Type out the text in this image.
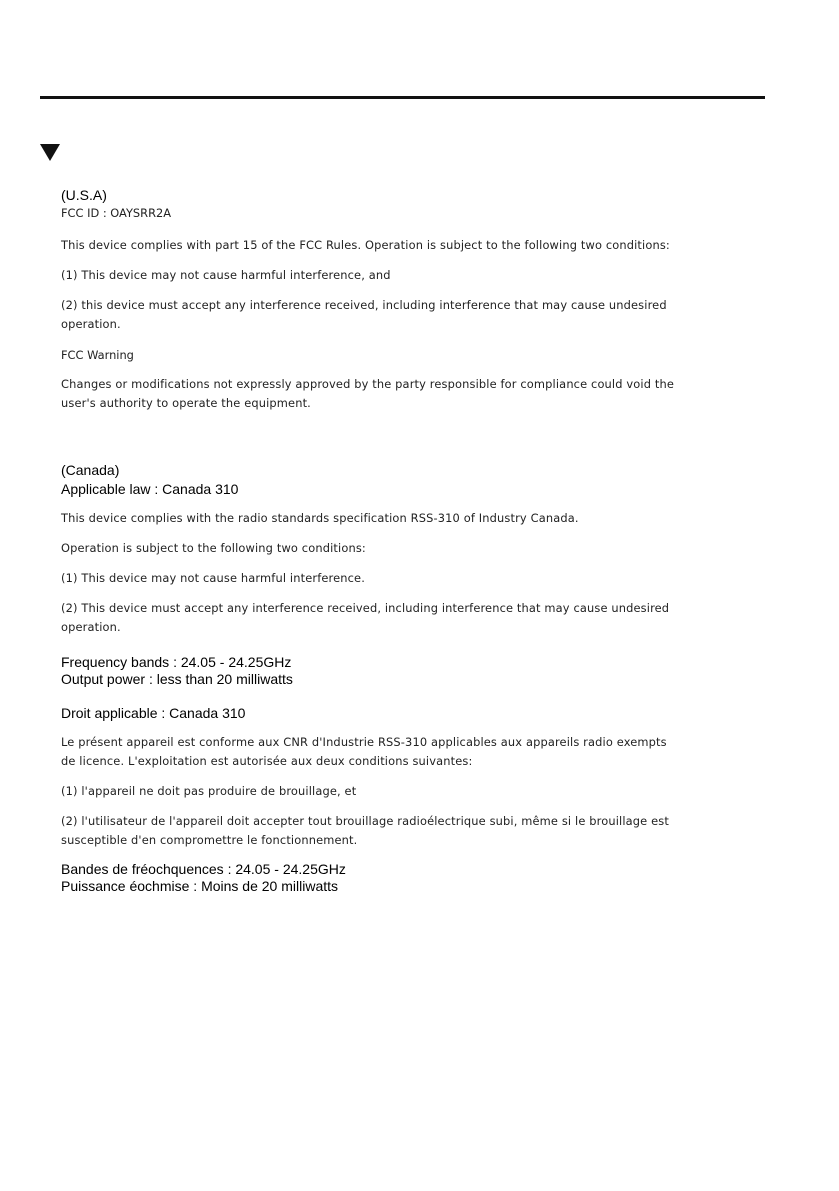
(U.S.A)

FCC ID : OAYSRR2A

This device complies with part 15 of the FCC Rules. Operation is subject to the following two conditions:

(1) This device may not cause harmful interference, and

(2) this device must accept any interference received, including interference that may cause undesired

operation.

FCC Warning

Changes or modifications not expressly approved by the party responsible for compliance could void the

user's authority to operate the equipment.

(Canada)

Applicable law : Canada 310

This device complies with the radio standards specification RSS-310 of Industry Canada.

Operation is subject to the following two conditions:

(1) This device may not cause harmful interference.

(2) This device must accept any interference received, including interference that may cause undesired

operation.

Frequency bands : 24.05 - 24.25GHz

Output power : less than 20 milliwatts

Droit applicable : Canada 310

Le présent appareil est conforme aux CNR d'Industrie RSS-310 applicables aux appareils radio exempts

de licence. L'exploitation est autorisée aux deux conditions suivantes:

(1) l'appareil ne doit pas produire de brouillage, et

(2) l'utilisateur de l'appareil doit accepter tout brouillage radioélectrique subi, même si le brouillage est

susceptible d'en compromettre le fonctionnement.

Bandes de fréochquences : 24.05 - 24.25GHz

Puissance éochmise : Moins de 20 milliwatts
